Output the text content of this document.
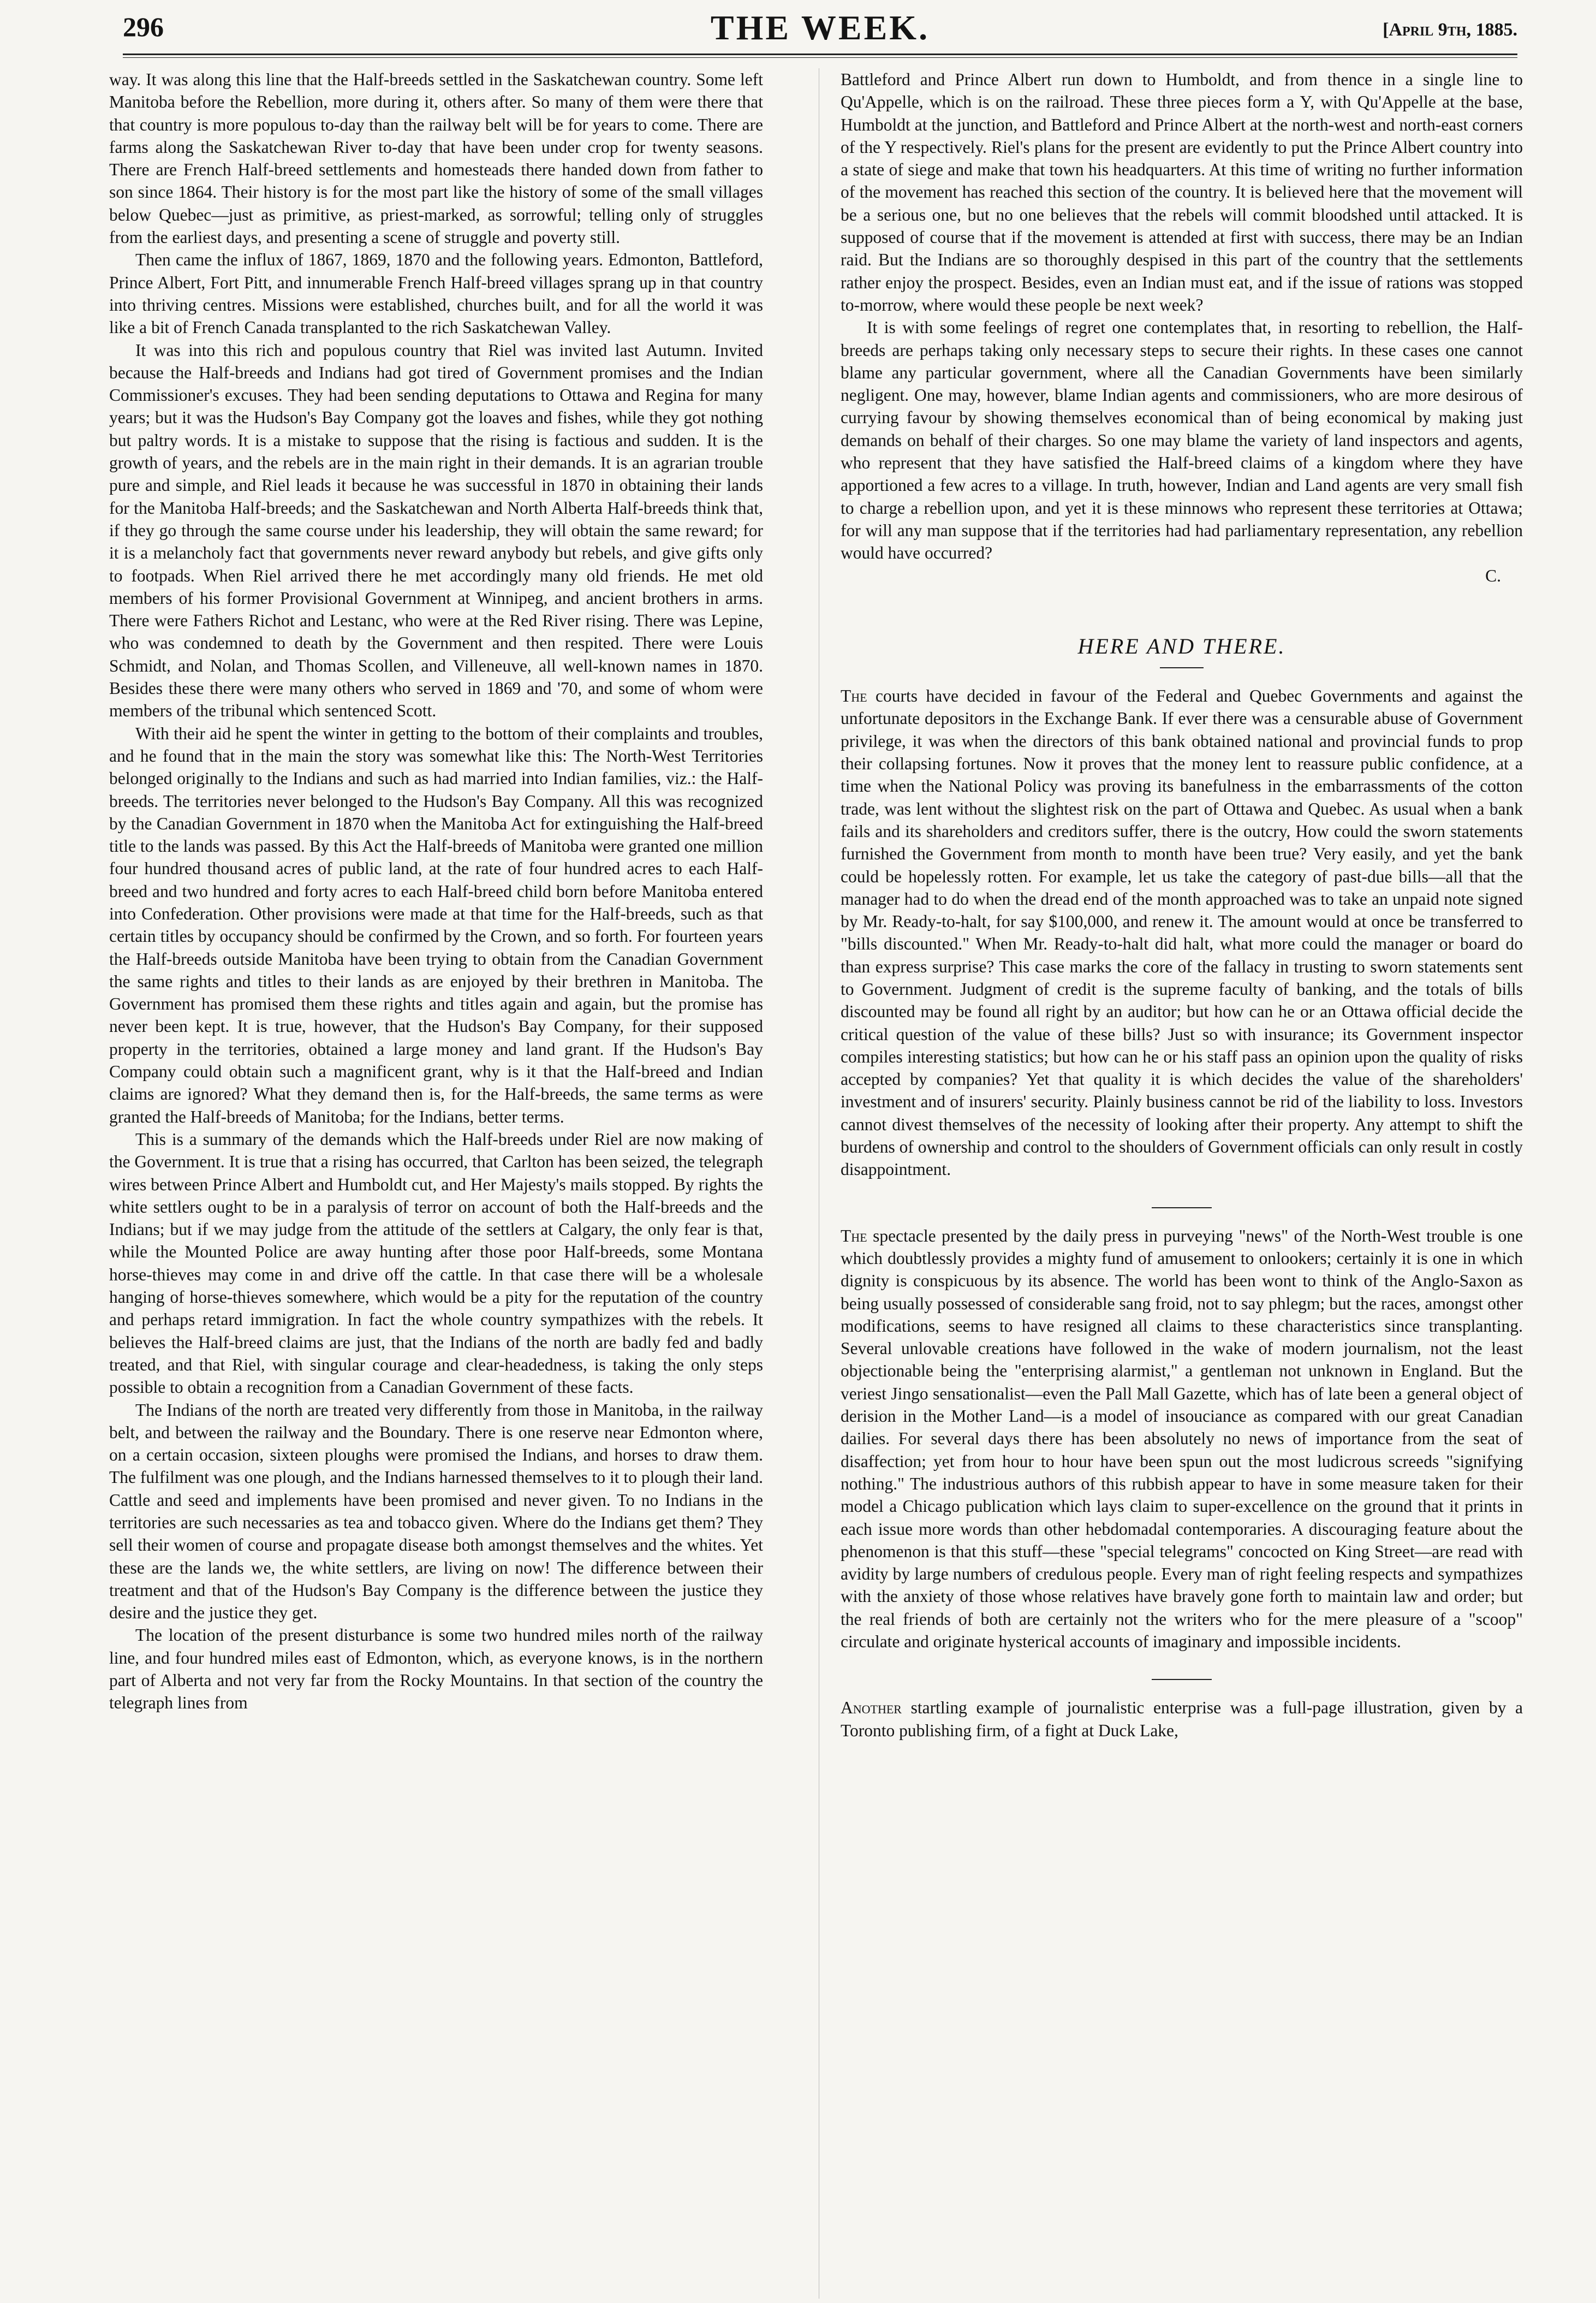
296	THE WEEK.	[April 9th, 1885.

way. It was along this line that the Half-breeds settled in the Saskatchewan country. Some left Manitoba before the Rebellion, more during it, others after. So many of them were there that that country is more populous to-day than the railway belt will be for years to come. There are farms along the Saskatchewan River to-day that have been under crop for twenty seasons. There are French Half-breed settlements and homesteads there handed down from father to son since 1864. Their history is for the most part like the history of some of the small villages below Quebec—just as primitive, as priest-marked, as sorrowful; telling only of struggles from the earliest days, and presenting a scene of struggle and poverty still.

Then came the influx of 1867, 1869, 1870 and the following years. Edmonton, Battleford, Prince Albert, Fort Pitt, and innumerable French Half-breed villages sprang up in that country into thriving centres. Missions were established, churches built, and for all the world it was like a bit of French Canada transplanted to the rich Saskatchewan Valley.

It was into this rich and populous country that Riel was invited last Autumn. Invited because the Half-breeds and Indians had got tired of Government promises and the Indian Commissioner's excuses. They had been sending deputations to Ottawa and Regina for many years; but it was the Hudson's Bay Company got the loaves and fishes, while they got nothing but paltry words. It is a mistake to suppose that the rising is factious and sudden. It is the growth of years, and the rebels are in the main right in their demands. It is an agrarian trouble pure and simple, and Riel leads it because he was successful in 1870 in obtaining their lands for the Manitoba Half-breeds; and the Saskatchewan and North Alberta Half-breeds think that, if they go through the same course under his leadership, they will obtain the same reward; for it is a melancholy fact that governments never reward anybody but rebels, and give gifts only to footpads. When Riel arrived there he met accordingly many old friends. He met old members of his former Provisional Government at Winnipeg, and ancient brothers in arms. There were Fathers Richot and Lestanc, who were at the Red River rising. There was Lepine, who was condemned to death by the Government and then respited. There were Louis Schmidt, and Nolan, and Thomas Scollen, and Villeneuve, all well-known names in 1870. Besides these there were many others who served in 1869 and '70, and some of whom were members of the tribunal which sentenced Scott.

With their aid he spent the winter in getting to the bottom of their complaints and troubles, and he found that in the main the story was somewhat like this: The North-West Territories belonged originally to the Indians and such as had married into Indian families, viz.: the Half-breeds. The territories never belonged to the Hudson's Bay Company. All this was recognized by the Canadian Government in 1870 when the Manitoba Act for extinguishing the Half-breed title to the lands was passed. By this Act the Half-breeds of Manitoba were granted one million four hundred thousand acres of public land, at the rate of four hundred acres to each Half-breed and two hundred and forty acres to each Half-breed child born before Manitoba entered into Confederation. Other provisions were made at that time for the Half-breeds, such as that certain titles by occupancy should be confirmed by the Crown, and so forth. For fourteen years the Half-breeds outside Manitoba have been trying to obtain from the Canadian Government the same rights and titles to their lands as are enjoyed by their brethren in Manitoba. The Government has promised them these rights and titles again and again, but the promise has never been kept. It is true, however, that the Hudson's Bay Company, for their supposed property in the territories, obtained a large money and land grant. If the Hudson's Bay Company could obtain such a magnificent grant, why is it that the Half-breed and Indian claims are ignored? What they demand then is, for the Half-breeds, the same terms as were granted the Half-breeds of Manitoba; for the Indians, better terms.

This is a summary of the demands which the Half-breeds under Riel are now making of the Government. It is true that a rising has occurred, that Carlton has been seized, the telegraph wires between Prince Albert and Humboldt cut, and Her Majesty's mails stopped. By rights the white settlers ought to be in a paralysis of terror on account of both the Half-breeds and the Indians; but if we may judge from the attitude of the settlers at Calgary, the only fear is that, while the Mounted Police are away hunting after those poor Half-breeds, some Montana horse-thieves may come in and drive off the cattle. In that case there will be a wholesale hanging of horse-thieves somewhere, which would be a pity for the reputation of the country and perhaps retard immigration. In fact the whole country sympathizes with the rebels. It believes the Half-breed claims are just, that the Indians of the north are badly fed and badly treated, and that Riel, with singular courage and clear-headedness, is taking the only steps possible to obtain a recognition from a Canadian Government of these facts.

The Indians of the north are treated very differently from those in Manitoba, in the railway belt, and between the railway and the Boundary. There is one reserve near Edmonton where, on a certain occasion, sixteen ploughs were promised the Indians, and horses to draw them. The fulfilment was one plough, and the Indians harnessed themselves to it to plough their land. Cattle and seed and implements have been promised and never given. To no Indians in the territories are such necessaries as tea and tobacco given. Where do the Indians get them? They sell their women of course and propagate disease both amongst themselves and the whites. Yet these are the lands we, the white settlers, are living on now! The difference between their treatment and that of the Hudson's Bay Company is the difference between the justice they desire and the justice they get.

The location of the present disturbance is some two hundred miles north of the railway line, and four hundred miles east of Edmonton, which, as everyone knows, is in the northern part of Alberta and not very far from the Rocky Mountains. In that section of the country the telegraph lines from

Battleford and Prince Albert run down to Humboldt, and from thence in a single line to Qu'Appelle, which is on the railroad. These three pieces form a Y, with Qu'Appelle at the base, Humboldt at the junction, and Battleford and Prince Albert at the north-west and north-east corners of the Y respectively. Riel's plans for the present are evidently to put the Prince Albert country into a state of siege and make that town his headquarters. At this time of writing no further information of the movement has reached this section of the country. It is believed here that the movement will be a serious one, but no one believes that the rebels will commit bloodshed until attacked. It is supposed of course that if the movement is attended at first with success, there may be an Indian raid. But the Indians are so thoroughly despised in this part of the country that the settlements rather enjoy the prospect. Besides, even an Indian must eat, and if the issue of rations was stopped to-morrow, where would these people be next week?

It is with some feelings of regret one contemplates that, in resorting to rebellion, the Half-breeds are perhaps taking only necessary steps to secure their rights. In these cases one cannot blame any particular government, where all the Canadian Governments have been similarly negligent. One may, however, blame Indian agents and commissioners, who are more desirous of currying favour by showing themselves economical than of being economical by making just demands on behalf of their charges. So one may blame the variety of land inspectors and agents, who represent that they have satisfied the Half-breed claims of a kingdom where they have apportioned a few acres to a village. In truth, however, Indian and Land agents are very small fish to charge a rebellion upon, and yet it is these minnows who represent these territories at Ottawa; for will any man suppose that if the territories had had parliamentary representation, any rebellion would have occurred?

C.

HERE AND THERE.

The courts have decided in favour of the Federal and Quebec Governments and against the unfortunate depositors in the Exchange Bank. If ever there was a censurable abuse of Government privilege, it was when the directors of this bank obtained national and provincial funds to prop their collapsing fortunes. Now it proves that the money lent to reassure public confidence, at a time when the National Policy was proving its banefulness in the embarrassments of the cotton trade, was lent without the slightest risk on the part of Ottawa and Quebec. As usual when a bank fails and its shareholders and creditors suffer, there is the outcry, How could the sworn statements furnished the Government from month to month have been true? Very easily, and yet the bank could be hopelessly rotten. For example, let us take the category of past-due bills—all that the manager had to do when the dread end of the month approached was to take an unpaid note signed by Mr. Ready-to-halt, for say $100,000, and renew it. The amount would at once be transferred to "bills discounted." When Mr. Ready-to-halt did halt, what more could the manager or board do than express surprise? This case marks the core of the fallacy in trusting to sworn statements sent to Government. Judgment of credit is the supreme faculty of banking, and the totals of bills discounted may be found all right by an auditor; but how can he or an Ottawa official decide the critical question of the value of these bills? Just so with insurance; its Government inspector compiles interesting statistics; but how can he or his staff pass an opinion upon the quality of risks accepted by companies? Yet that quality it is which decides the value of the shareholders' investment and of insurers' security. Plainly business cannot be rid of the liability to loss. Investors cannot divest themselves of the necessity of looking after their property. Any attempt to shift the burdens of ownership and control to the shoulders of Government officials can only result in costly disappointment.

The spectacle presented by the daily press in purveying "news" of the North-West trouble is one which doubtlessly provides a mighty fund of amusement to onlookers; certainly it is one in which dignity is conspicuous by its absence. The world has been wont to think of the Anglo-Saxon as being usually possessed of considerable sang froid, not to say phlegm; but the races, amongst other modifications, seems to have resigned all claims to these characteristics since transplanting. Several unlovable creations have followed in the wake of modern journalism, not the least objectionable being the "enterprising alarmist," a gentleman not unknown in England. But the veriest Jingo sensationalist—even the Pall Mall Gazette, which has of late been a general object of derision in the Mother Land—is a model of insouciance as compared with our great Canadian dailies. For several days there has been absolutely no news of importance from the seat of disaffection; yet from hour to hour have been spun out the most ludicrous screeds "signifying nothing." The industrious authors of this rubbish appear to have in some measure taken for their model a Chicago publication which lays claim to super-excellence on the ground that it prints in each issue more words than other hebdomadal contemporaries. A discouraging feature about the phenomenon is that this stuff—these "special telegrams" concocted on King Street—are read with avidity by large numbers of credulous people. Every man of right feeling respects and sympathizes with the anxiety of those whose relatives have bravely gone forth to maintain law and order; but the real friends of both are certainly not the writers who for the mere pleasure of a "scoop" circulate and originate hysterical accounts of imaginary and impossible incidents.

Another startling example of journalistic enterprise was a full-page illustration, given by a Toronto publishing firm, of a fight at Duck Lake,
